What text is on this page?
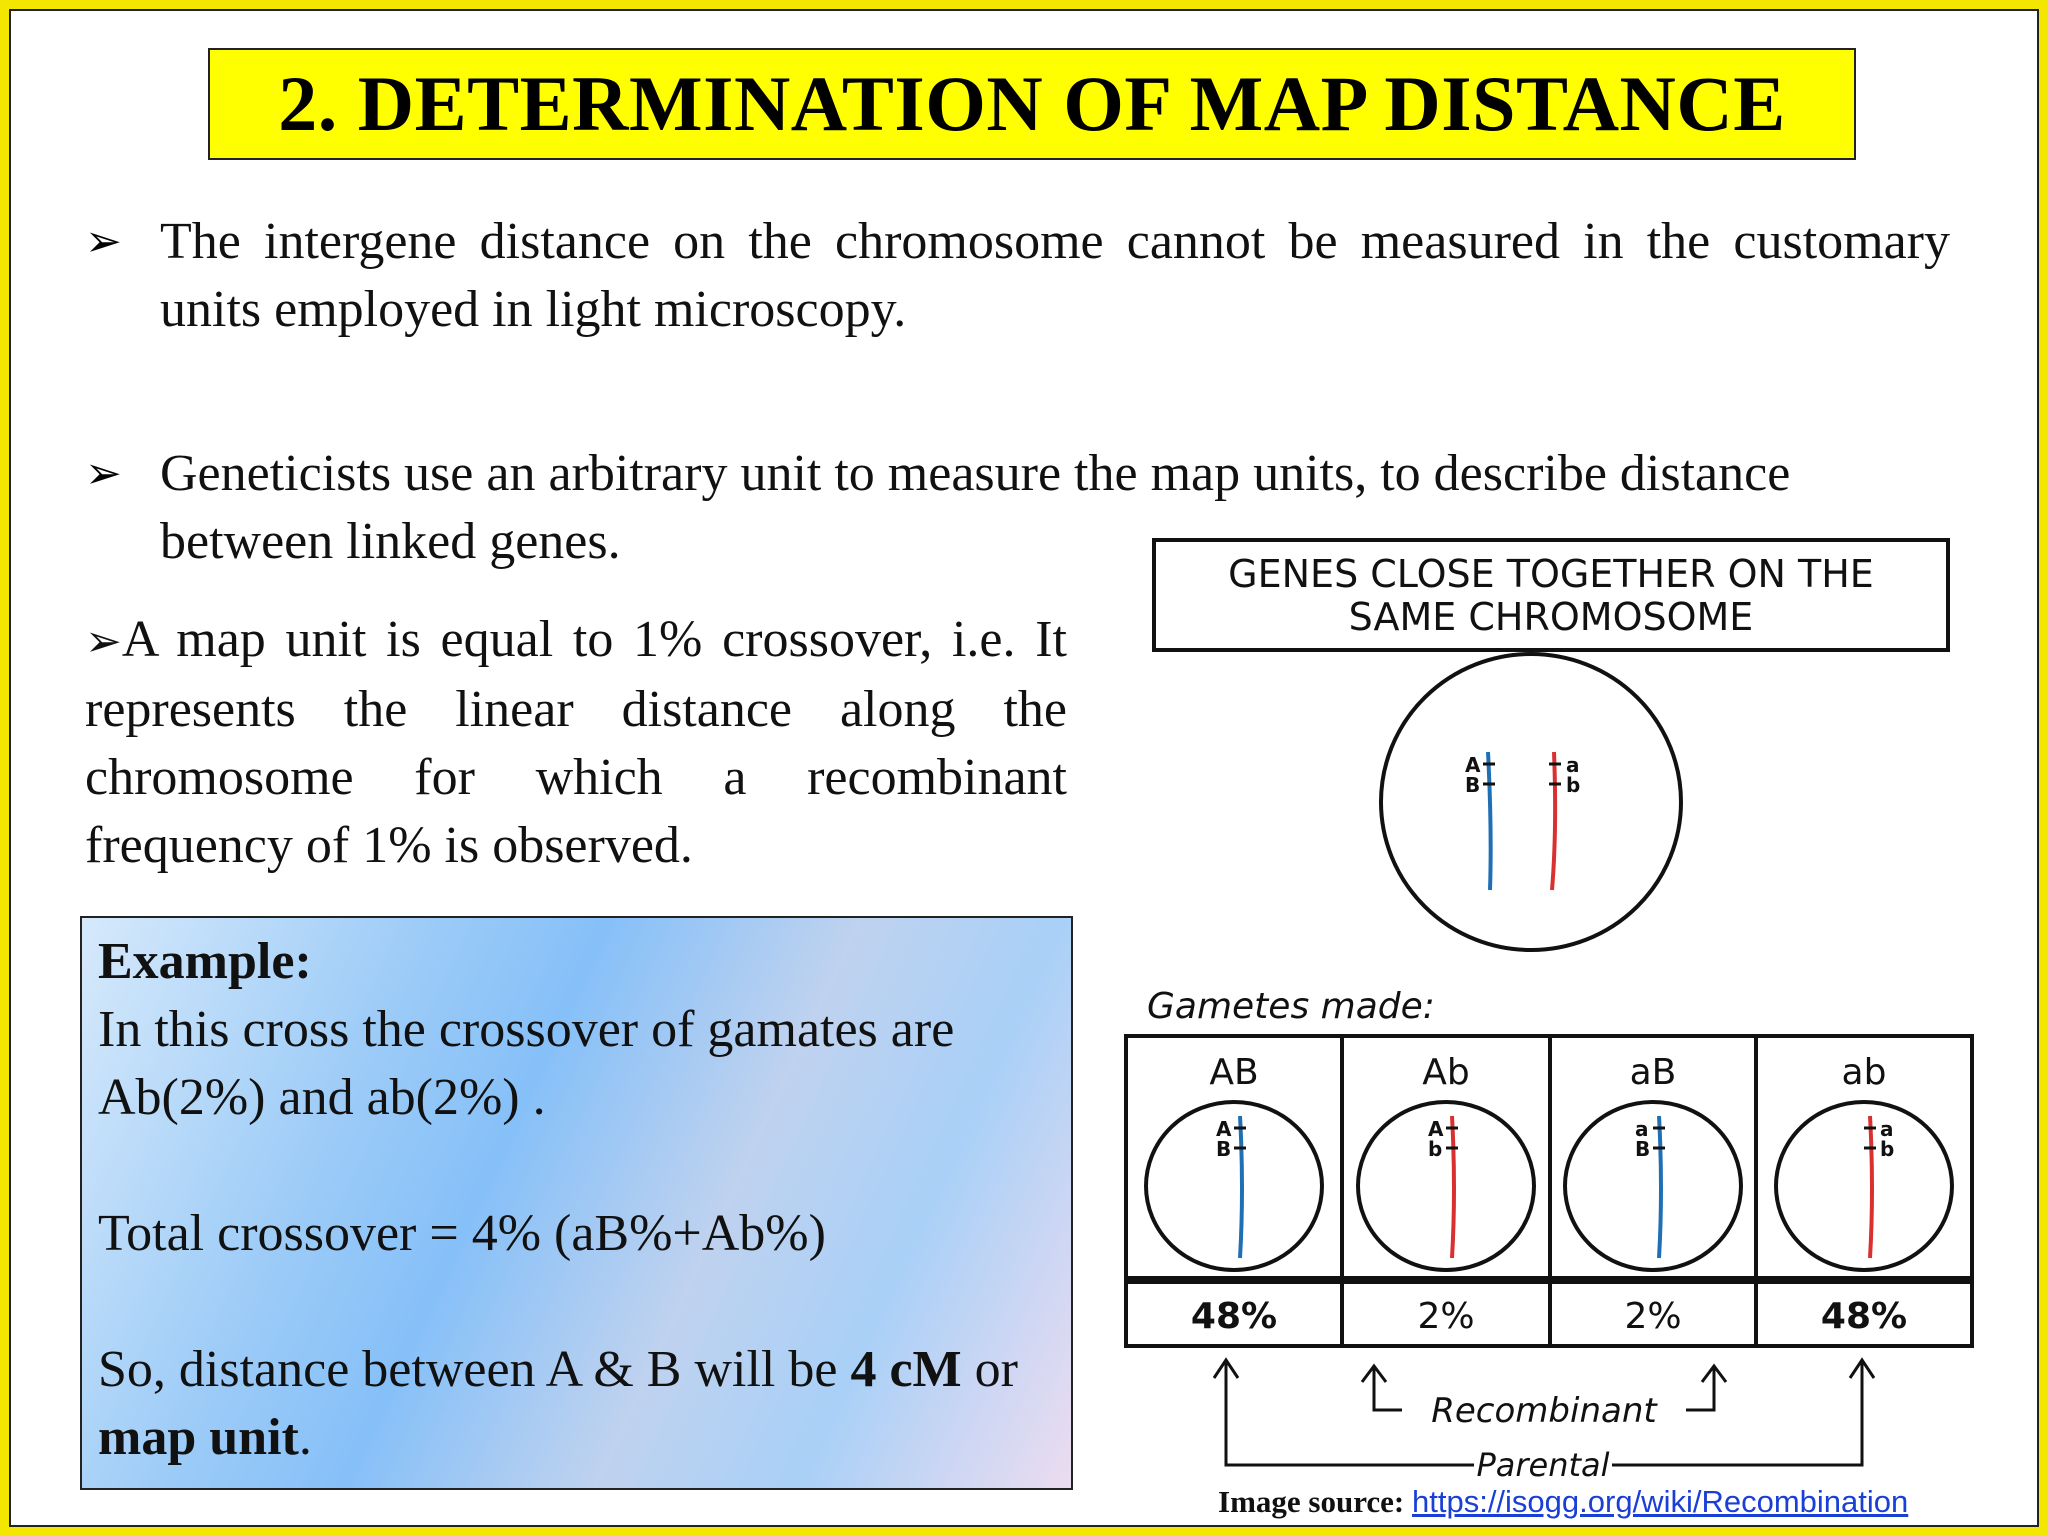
2. DETERMINATION OF MAP DISTANCE
➢ The intergene distance on the chromosome cannot be measured in the customary units employed in light microscopy.
➢ Geneticists use an arbitrary unit to measure the map units, to describe distance between linked genes.
➢A map unit is equal to 1% crossover, i.e. It represents the linear distance along the chromosome for which a recombinant frequency of 1% is observed.

Example:

In this cross the crossover of gamates are Ab(2%) and ab(2%) .

Total crossover = 4% (aB%+Ab%)

So, distance between A & B will be 4 cM or map unit.

GENES CLOSE TOGETHER ON THE
SAME CHROMOSOME
A
B
a
b
Gametes made:
Recombinant
Parental
AB
A
B
48%
Ab
A
b
2%
aB
a
B
2%
ab
a
b
48%
Image source: https://isogg.org/wiki/Recombination
